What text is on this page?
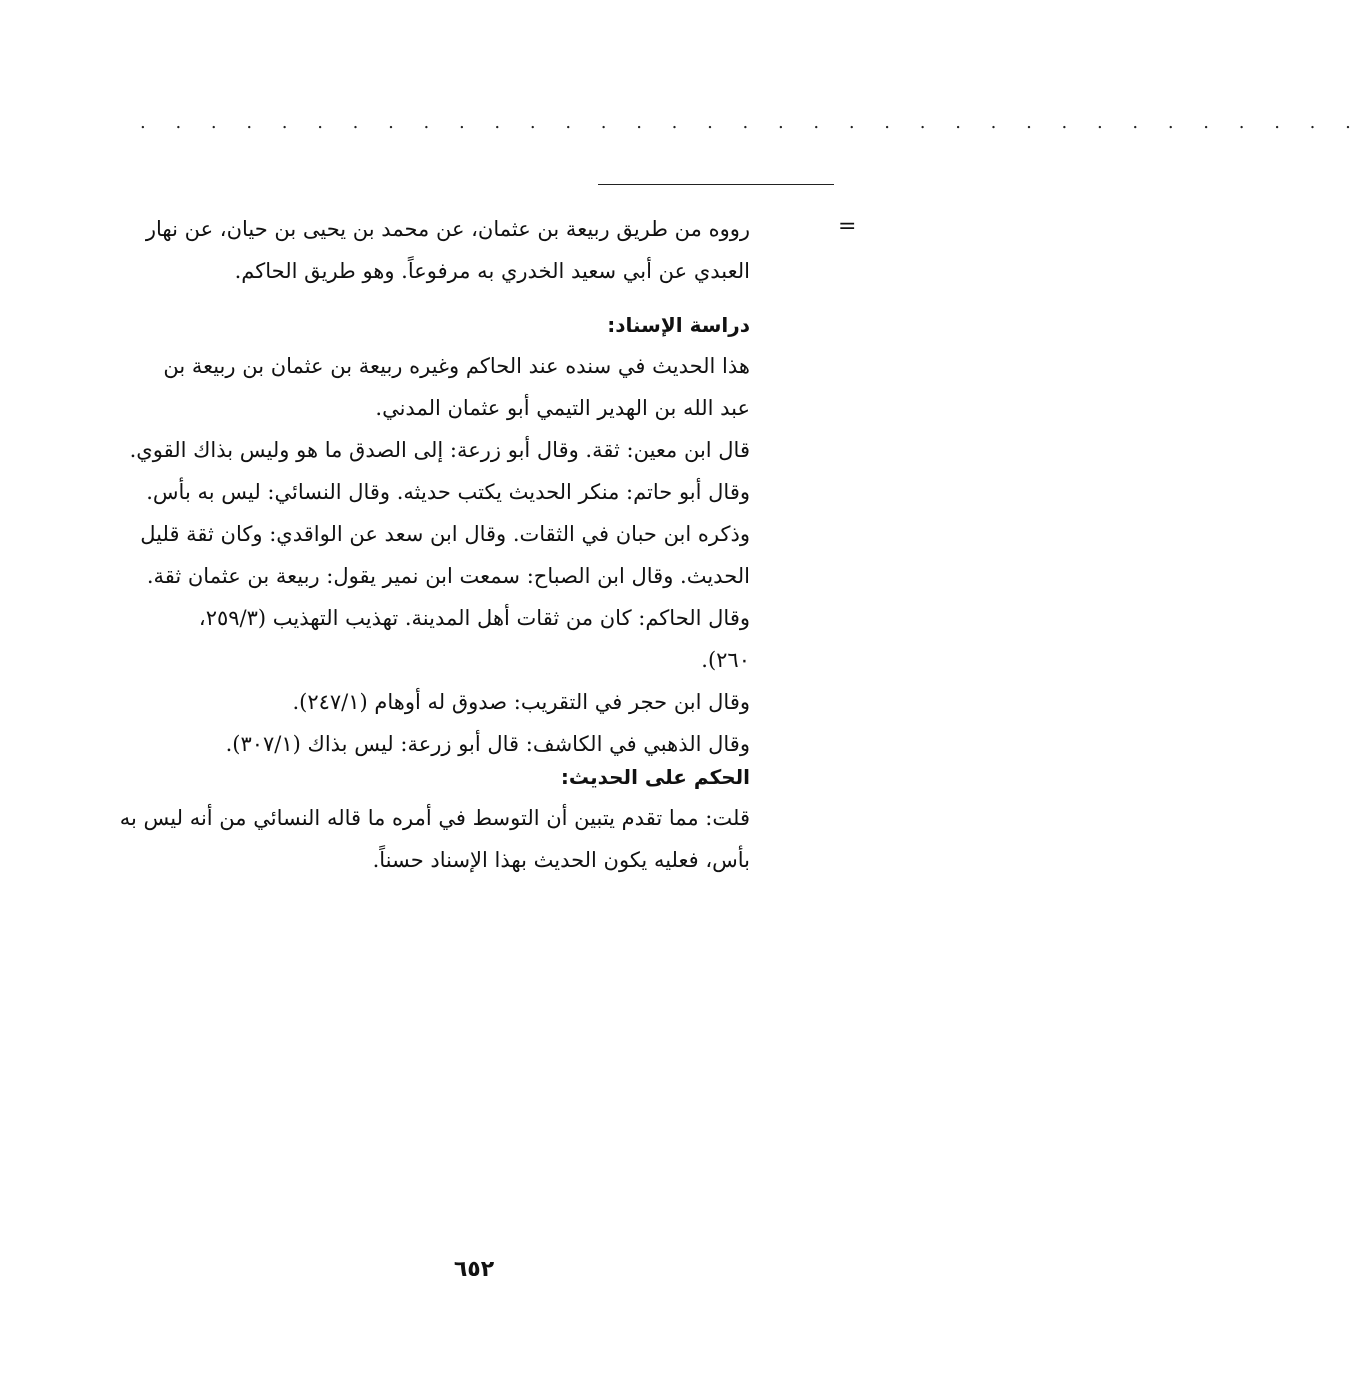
. . . . . . . . . . . . . . . . . . . . . . . . . . . . . . . . . . .
=
رووه من طريق ربيعة بن عثمان، عن محمد بن يحيى بن حيان، عن نهار
العبدي عن أبي سعيد الخدري به مرفوعاً. وهو طريق الحاكم.
دراسة الإسناد:
هذا الحديث في سنده عند الحاكم وغيره ربيعة بن عثمان بن ربيعة بن
عبد الله بن الهدير التيمي أبو عثمان المدني.
قال ابن معين: ثقة. وقال أبو زرعة: إلى الصدق ما هو وليس بذاك القوي.
وقال أبو حاتم: منكر الحديث يكتب حديثه. وقال النسائي: ليس به بأس.
وذكره ابن حبان في الثقات. وقال ابن سعد عن الواقدي: وكان ثقة قليل
الحديث. وقال ابن الصباح: سمعت ابن نمير يقول: ربيعة بن عثمان ثقة.
وقال الحاكم: كان من ثقات أهل المدينة. تهذيب التهذيب (٢٥٩/٣،
٢٦٠).
وقال ابن حجر في التقريب: صدوق له أوهام (٢٤٧/١).
وقال الذهبي في الكاشف: قال أبو زرعة: ليس بذاك (٣٠٧/١).
الحكم على الحديث:
قلت: مما تقدم يتبين أن التوسط في أمره ما قاله النسائي من أنه ليس به
بأس، فعليه يكون الحديث بهذا الإسناد حسناً.
٦٥٢
